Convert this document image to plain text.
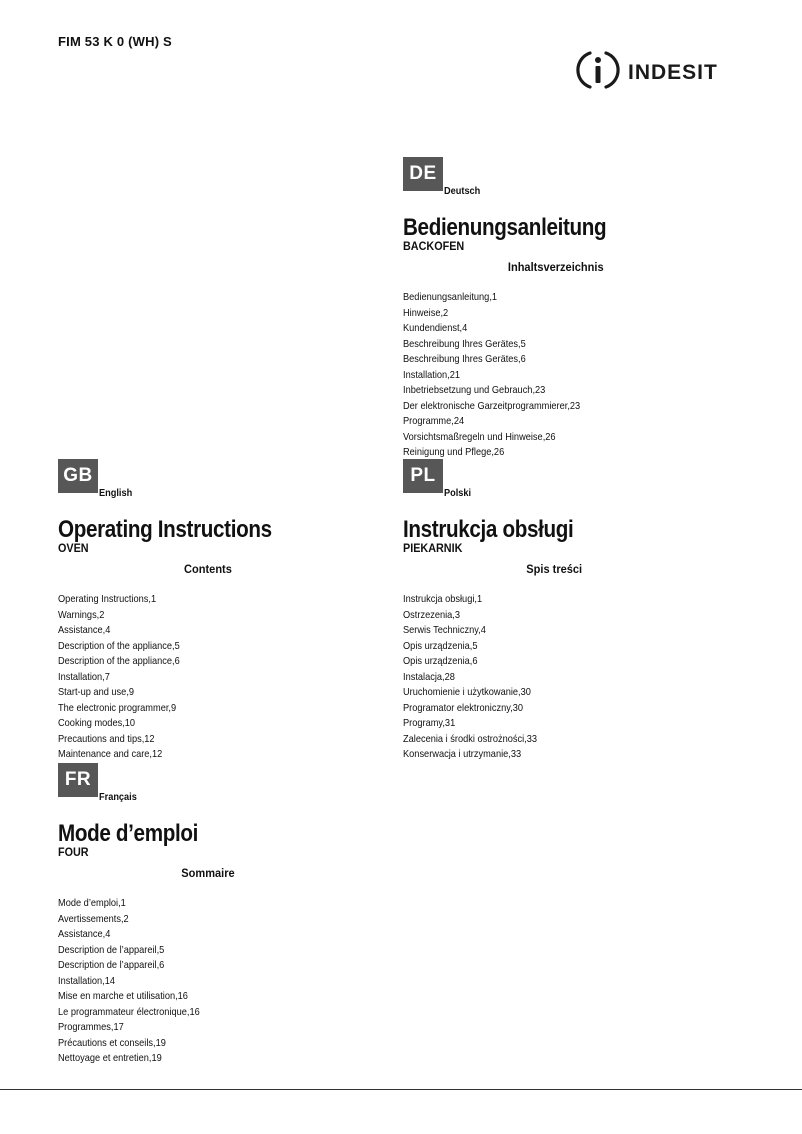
FIM 53 K 0 (WH) S
INDESIT
DE
Deutsch
Bedienungsanleitung
BACKOFEN
Inhaltsverzeichnis
Bedienungsanleitung,1
Hinweise,2
Kundendienst,4
Beschreibung Ihres Gerätes,5
Beschreibung Ihres Gerätes,6
Installation,21
Inbetriebsetzung und Gebrauch,23
Der elektronische Garzeitprogrammierer,23
Programme,24
Vorsichtsmaßregeln und Hinweise,26
Reinigung und Pflege,26
GB
English
Operating Instructions
OVEN
Contents
Operating Instructions,1
Warnings,2
Assistance,4
Description of the appliance,5
Description of the appliance,6
Installation,7
Start-up and use,9
The electronic programmer,9
Cooking modes,10
Precautions and tips,12
Maintenance and care,12
PL
Polski
Instrukcja obsługi
PIEKARNIK
Spis treści
Instrukcja obsługi,1
Ostrzezenia,3
Serwis Techniczny,4
Opis urządzenia,5
Opis urządzenia,6
Instalacja,28
Uruchomienie i użytkowanie,30
Programator elektroniczny,30
Programy,31
Zalecenia i środki ostrożności,33
Konserwacja i utrzymanie,33
FR
Français
Mode d’emploi
FOUR
Sommaire
Mode d’emploi,1
Avertissements,2
Assistance,4
Description de l’appareil,5
Description de l’appareil,6
Installation,14
Mise en marche et utilisation,16
Le programmateur électronique,16
Programmes,17
Précautions et conseils,19
Nettoyage et entretien,19
